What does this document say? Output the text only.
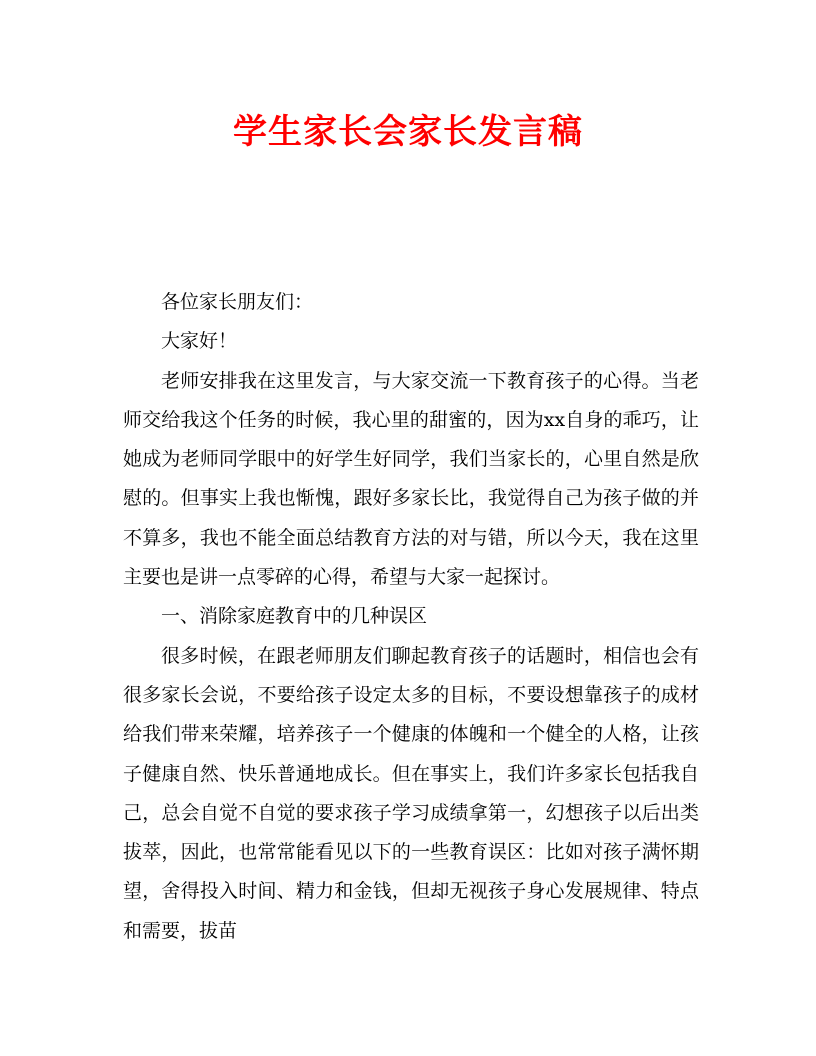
学生家长会家长发言稿

各位家长朋友们：

大家好！

老师安排我在这里发言，与大家交流一下教育孩子的心得。当老师交给我这个任务的时候，我心里的甜蜜的，因为xx自身的乖巧，让她成为老师同学眼中的好学生好同学，我们当家长的，心里自然是欣慰的。但事实上我也惭愧，跟好多家长比，我觉得自己为孩子做的并不算多，我也不能全面总结教育方法的对与错，所以今天，我在这里主要也是讲一点零碎的心得，希望与大家一起探讨。

一、消除家庭教育中的几种误区

很多时候，在跟老师朋友们聊起教育孩子的话题时，相信也会有很多家长会说，不要给孩子设定太多的目标，不要设想靠孩子的成材给我们带来荣耀，培养孩子一个健康的体魄和一个健全的人格，让孩子健康自然、快乐普通地成长。但在事实上，我们许多家长包括我自己，总会自觉不自觉的要求孩子学习成绩拿第一，幻想孩子以后出类拔萃，因此，也常常能看见以下的一些教育误区：比如对孩子满怀期望，舍得投入时间、精力和金钱，但却无视孩子身心发展规律、特点和需要，拔苗
